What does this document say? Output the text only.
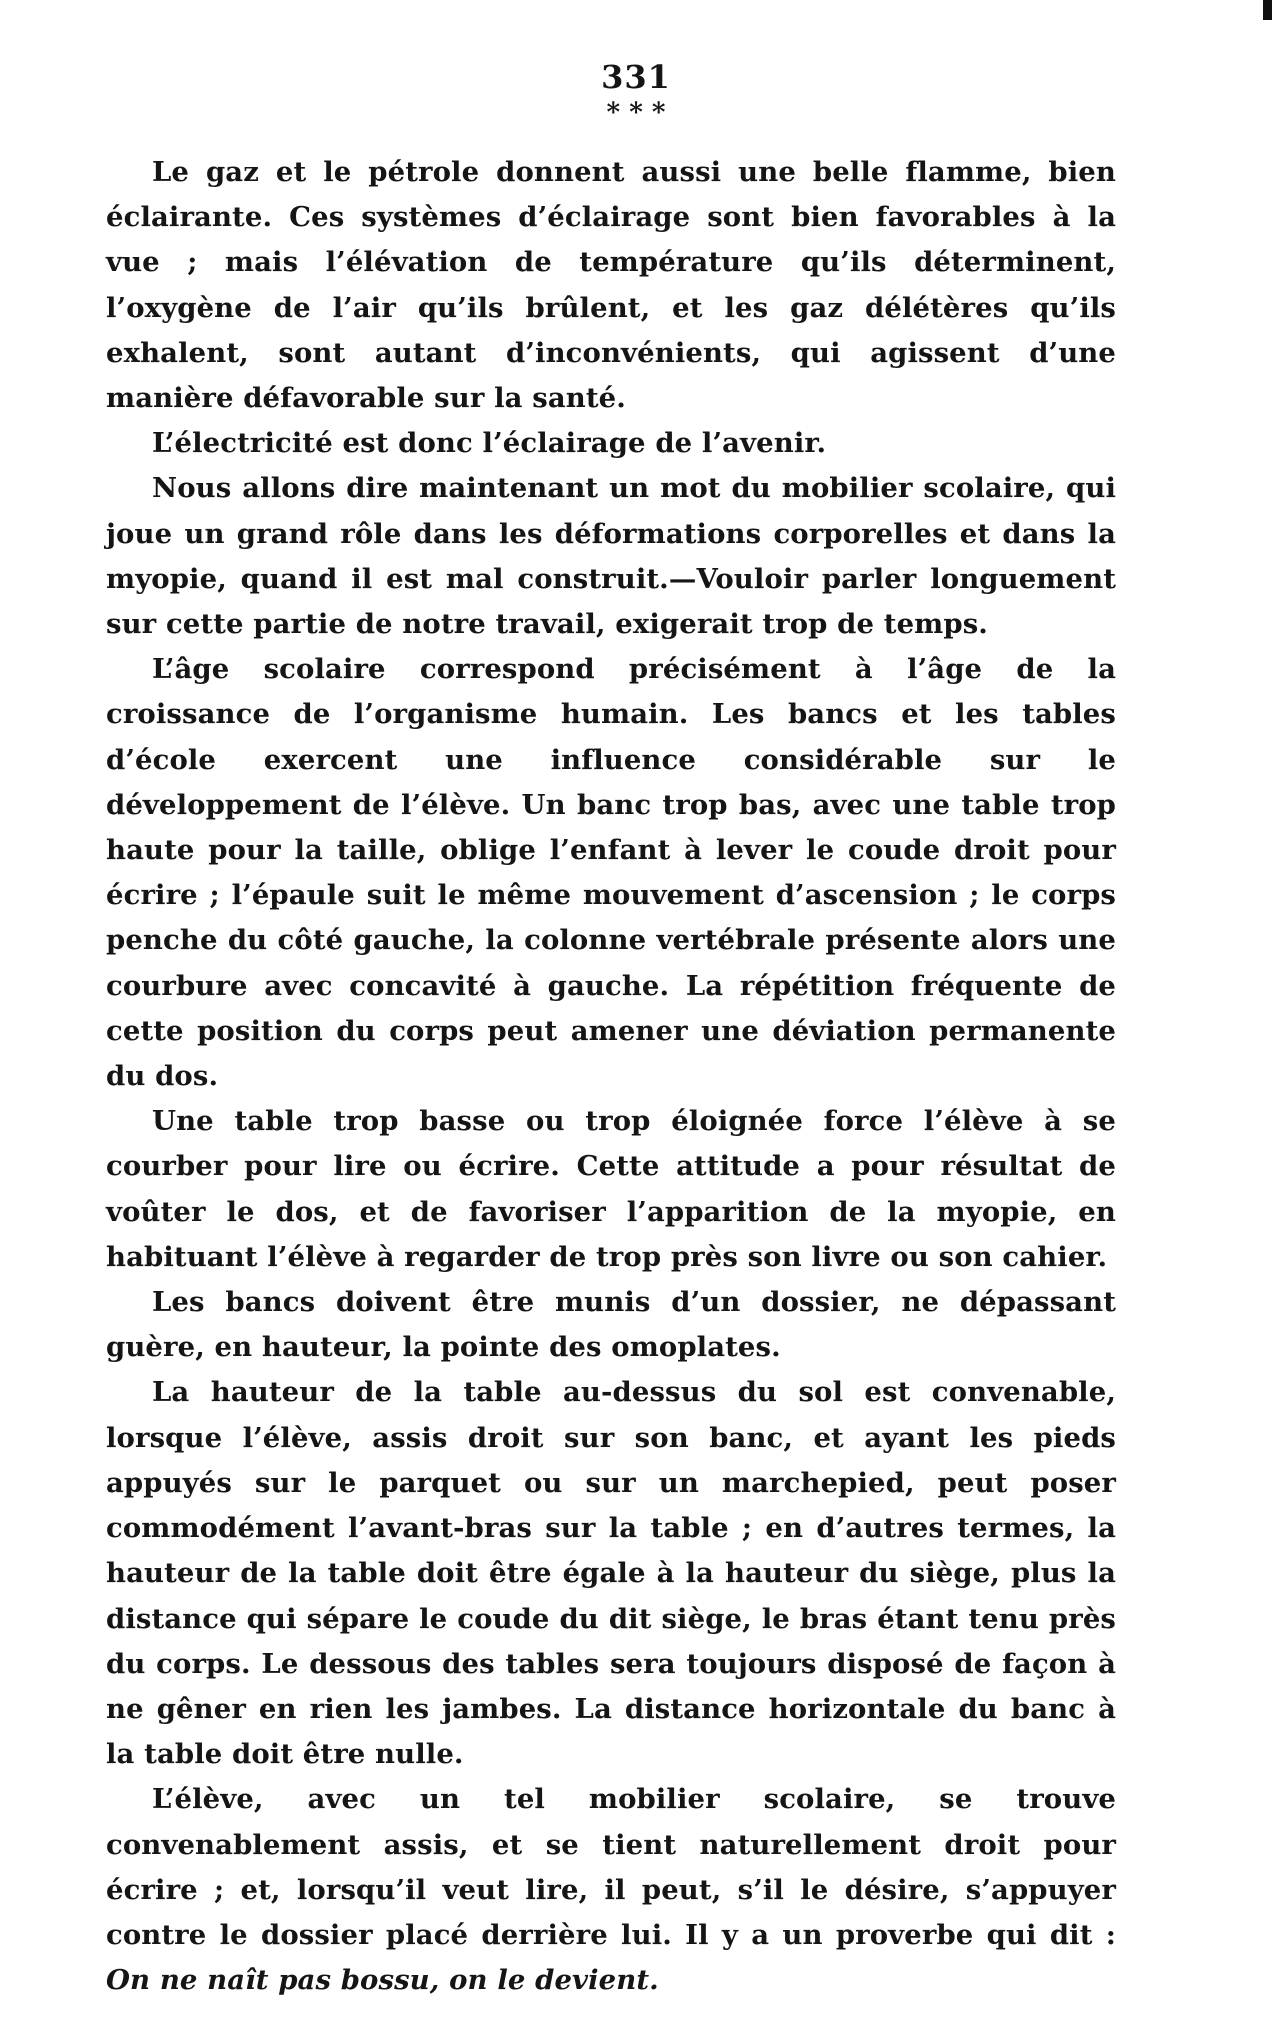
331
* * *

Le gaz et le pétrole donnent aussi une belle flamme, bien éclairante. Ces systèmes d’éclairage sont bien favorables à la vue ; mais l’élévation de température qu’ils déterminent, l’oxygène de l’air qu’ils brûlent, et les gaz délétères qu’ils exhalent, sont autant d’inconvénients, qui agissent d’une manière défavorable sur la santé.

L’électricité est donc l’éclairage de l’avenir.

Nous allons dire maintenant un mot du mobilier scolaire, qui joue un grand rôle dans les déformations corporelles et dans la myopie, quand il est mal construit.—Vouloir parler longuement sur cette partie de notre travail, exigerait trop de temps.

L’âge scolaire correspond précisément à l’âge de la croissance de l’organisme humain. Les bancs et les tables d’école exercent une influence considérable sur le développement de l’élève. Un banc trop bas, avec une table trop haute pour la taille, oblige l’enfant à lever le coude droit pour écrire ; l’épaule suit le même mouvement d’ascension ; le corps penche du côté gauche, la colonne vertébrale présente alors une courbure avec concavité à gauche. La répétition fréquente de cette position du corps peut amener une déviation permanente du dos.

Une table trop basse ou trop éloignée force l’élève à se courber pour lire ou écrire. Cette attitude a pour résultat de voûter le dos, et de favoriser l’apparition de la myopie, en habituant l’élève à regarder de trop près son livre ou son cahier.

Les bancs doivent être munis d’un dossier, ne dépassant guère, en hauteur, la pointe des omoplates.

La hauteur de la table au-dessus du sol est convenable, lorsque l’élève, assis droit sur son banc, et ayant les pieds appuyés sur le parquet ou sur un marchepied, peut poser commodément l’avant-bras sur la table ; en d’autres termes, la hauteur de la table doit être égale à la hauteur du siège, plus la distance qui sépare le coude du dit siège, le bras étant tenu près du corps. Le dessous des tables sera toujours disposé de façon à ne gêner en rien les jambes. La distance horizontale du banc à la table doit être nulle.

L’élève, avec un tel mobilier scolaire, se trouve convenablement assis, et se tient naturellement droit pour écrire ; et, lorsqu’il veut lire, il peut, s’il le désire, s’appuyer contre le dossier placé derrière lui. Il y a un proverbe qui dit : On ne naît pas bossu, on le devient.
